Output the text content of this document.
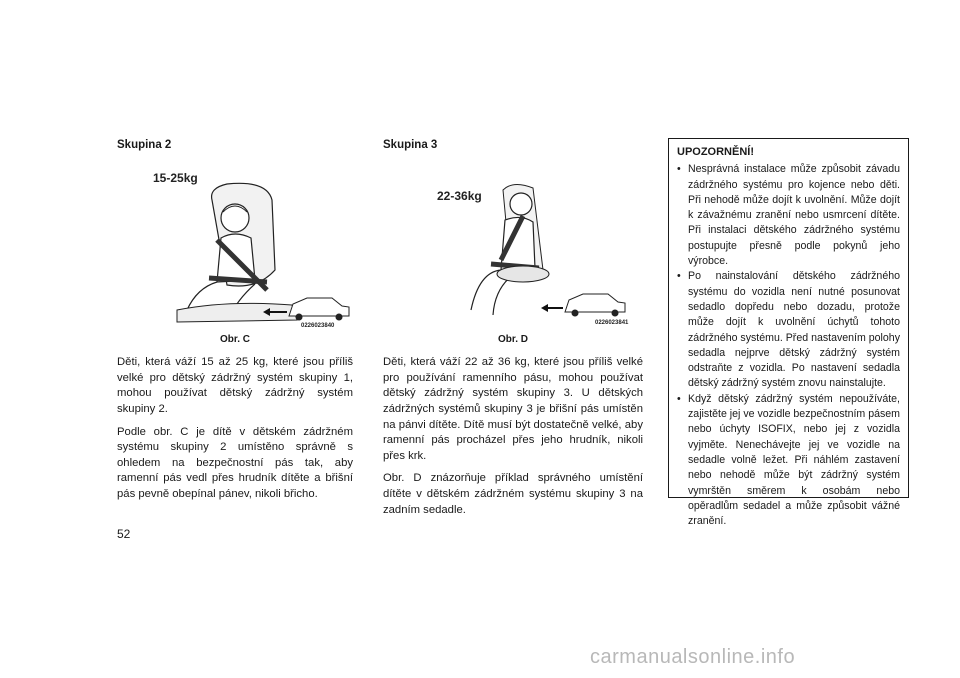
Skupina 2
15-25kg
0226023840
Obr. C

Děti, která váží 15 až 25 kg, které jsou příliš velké pro dětský zádržný systém skupiny 1, mohou používat dětský zádržný systém skupiny 2.

Podle obr. C je dítě v dětském zádržném systému skupiny 2 umístěno správně s ohledem na bezpečnostní pás tak, aby ramenní pás vedl přes hrudník dítěte a břišní pás pevně obepínal pánev, nikoli břicho.

Skupina 3
22-36kg
0226023841
Obr. D

Děti, která váží 22 až 36 kg, které jsou příliš velké pro používání ramenního pásu, mohou používat dětský zádržný systém skupiny 3. U dětských zádržných systémů skupiny 3 je břišní pás umístěn na pánvi dítěte. Dítě musí být dostatečně velké, aby ramenní pás procházel přes jeho hrudník, nikoli přes krk.

Obr. D znázorňuje příklad správného umístění dítěte v dětském zádržném systému skupiny 3 na zadním sedadle.

UPOZORNĚNÍ!
• Nesprávná instalace může způsobit závadu zádržného systému pro kojence nebo děti. Při nehodě může dojít k uvolnění. Může dojít k závažnému zranění nebo usmrcení dítěte. Při instalaci dětského zádržného systému postupujte přesně podle pokynů jeho výrobce.
• Po nainstalování dětského zádržného systému do vozidla není nutné posunovat sedadlo dopředu nebo dozadu, protože může dojít k uvolnění úchytů tohoto zádržného systému. Před nastavením polohy sedadla nejprve dětský zádržný systém odstraňte z vozidla. Po nastavení sedadla dětský zádržný systém znovu nainstalujte.
• Když dětský zádržný systém nepoužíváte, zajistěte jej ve vozidle bezpečnostním pásem nebo úchyty ISOFIX, nebo jej z vozidla vyjměte. Nenechávejte jej ve vozidle na sedadle volně ležet. Při náhlém zastavení nebo nehodě může být zádržný systém vymrštěn směrem k osobám nebo opěradlům sedadel a může způsobit vážné zranění.
52
carmanualsonline.info
